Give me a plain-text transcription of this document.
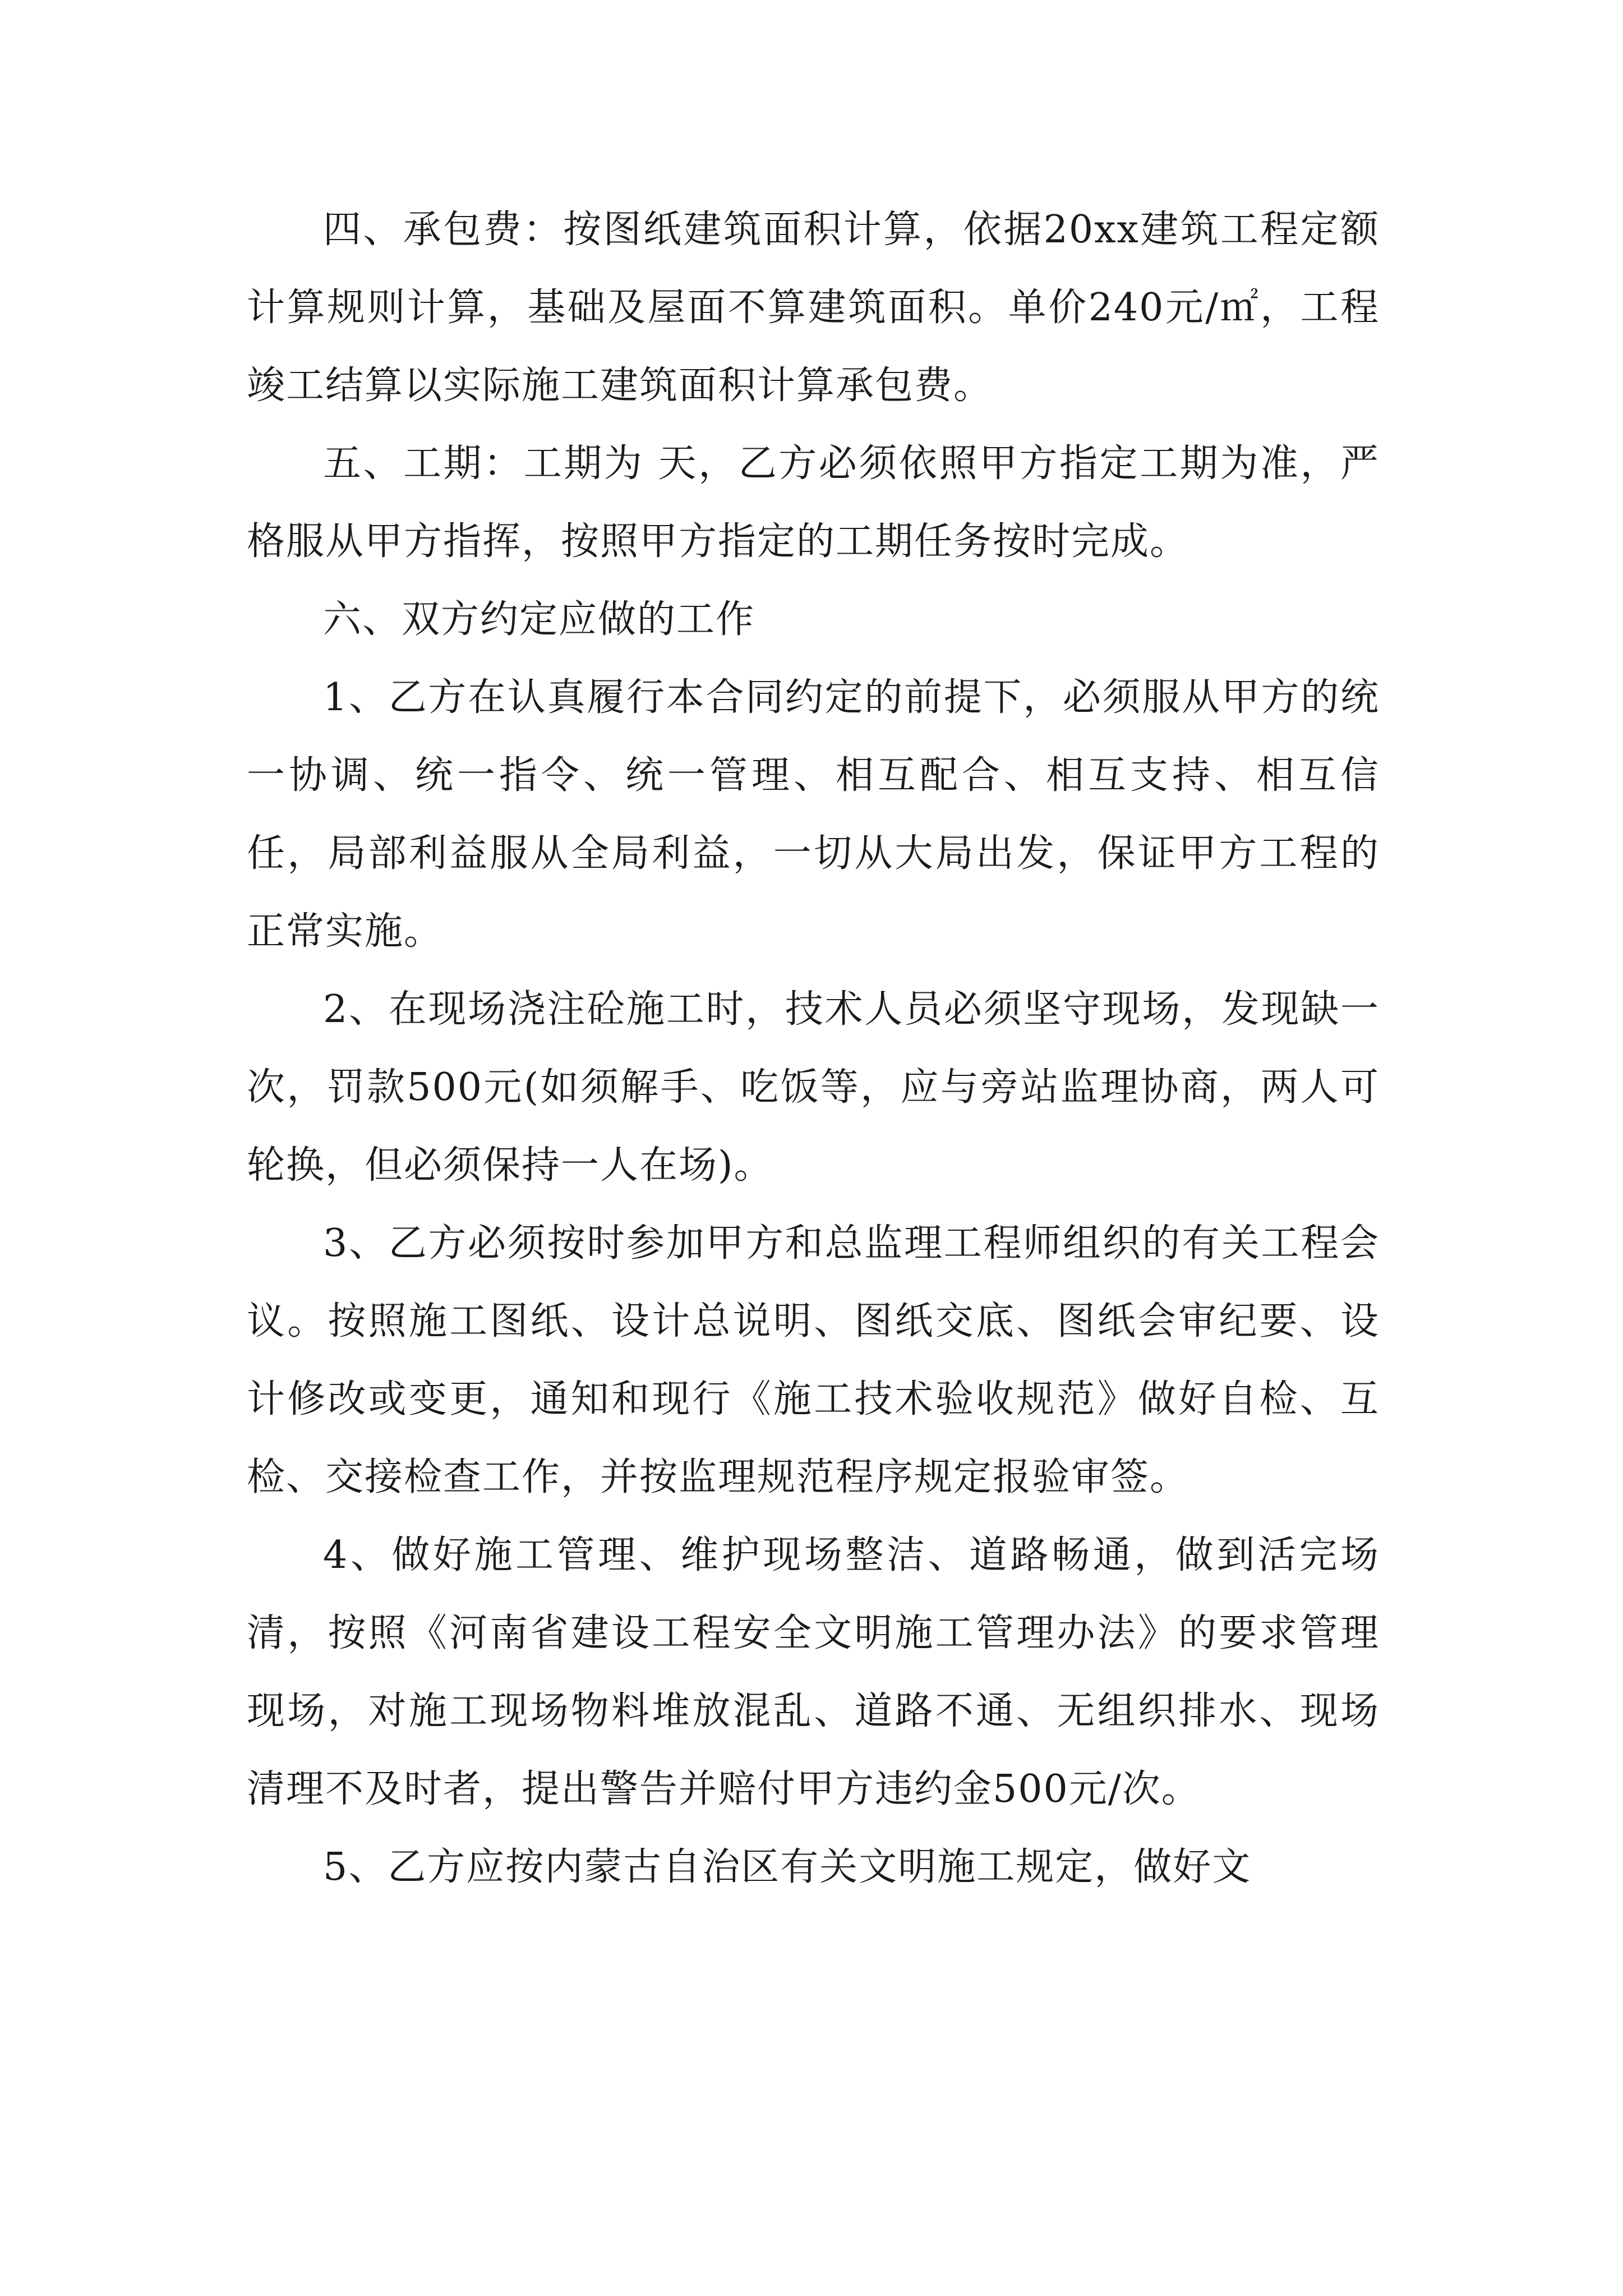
四、承包费：按图纸建筑面积计算，依据20xx建筑工程定额计算规则计算，基础及屋面不算建筑面积。单价240元/㎡，工程竣工结算以实际施工建筑面积计算承包费。

五、工期：工期为 天，乙方必须依照甲方指定工期为准，严格服从甲方指挥，按照甲方指定的工期任务按时完成。

六、双方约定应做的工作

1、乙方在认真履行本合同约定的前提下，必须服从甲方的统一协调、统一指令、统一管理、相互配合、相互支持、相互信任，局部利益服从全局利益，一切从大局出发，保证甲方工程的正常实施。

2、在现场浇注砼施工时，技术人员必须坚守现场，发现缺一次，罚款500元(如须解手、吃饭等，应与旁站监理协商，两人可轮换，但必须保持一人在场)。

3、乙方必须按时参加甲方和总监理工程师组织的有关工程会议。按照施工图纸、设计总说明、图纸交底、图纸会审纪要、设计修改或变更，通知和现行《施工技术验收规范》做好自检、互检、交接检查工作，并按监理规范程序规定报验审签。

4、做好施工管理、维护现场整洁、道路畅通，做到活完场清，按照《河南省建设工程安全文明施工管理办法》的要求管理现场，对施工现场物料堆放混乱、道路不通、无组织排水、现场清理不及时者，提出警告并赔付甲方违约金500元/次。

5、乙方应按内蒙古自治区有关文明施工规定，做好文
